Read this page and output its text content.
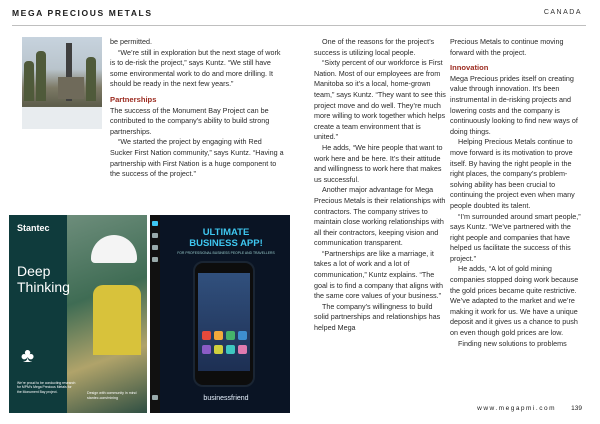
MEGA PRECIOUS METALS	CANADA

be permitted.

“We’re still in exploration but the next stage of work is to de-risk the project,” says Kuntz. “We still have some environmental work to do and more drilling. It should be ready in the next few years.”

Partnerships

The success of the Monument Bay Project can be contributed to the company’s ability to build strong partnerships.

“We started the project by engaging with Red Sucker First Nation community,” says Kuntz. “Having a partnership with First Nation is a huge component to the success of the project.”

One of the reasons for the project’s success is utilizing local people.

“Sixty percent of our workforce is First Nation. Most of our employees are from Manitoba so it’s a local, home-grown team,” says Kuntz. “They want to see this project move and do well. They’re much more willing to work together which helps create a team environment that is united.”

He adds, “We hire people that want to work here and be here. It’s their attitude and willingness to work here that makes us successful.

Another major advantage for Mega Precious Metals is their relationships with contractors. The company strives to maintain close working relationships with all their contractors, keeping vision and communication transparent.

“Partnerships are like a marriage, it takes a lot of work and a lot of communication,” Kuntz explains. “The goal is to find a company that aligns with the same core values of your business.”

The company’s willingness to build solid partnerships and relationships has helped Mega

Precious Metals to continue moving forward with the project.

Innovation

Mega Precious prides itself on creating value through innovation. It’s been instrumental in de-risking projects and lowering costs and the company is continuously looking to find new ways of doing things.

Helping Precious Metals continue to move forward is its motivation to prove itself. By having the right people in the right places, the company’s problem-solving ability has been crucial to continuing the project even when many people doubted its talent.

“I’m surrounded around smart people,” says Kuntz. “We’ve partnered with the right people and companies that have helped us facilitate the success of this project.”

He adds, “A lot of gold mining companies stopped doing work because the gold prices became quite restrictive. We’ve adapted to the market and we’re making it work for us. We have a unique deposit and it gives us a chance to push on even though gold prices are low.

Finding new solutions to problems

Stantec
Deep
Thinking
♣
We’re proud to be conducting research for MPM’s Mega Precious Metals for the Monument Bay project.	Design with community in mind stantec.com/mining
ULTIMATE
BUSINESS APP!
FOR PROFESSIONAL BUSINESS PEOPLE AND TRAVELLERS
businessfriend
www.megapmi.com 139
